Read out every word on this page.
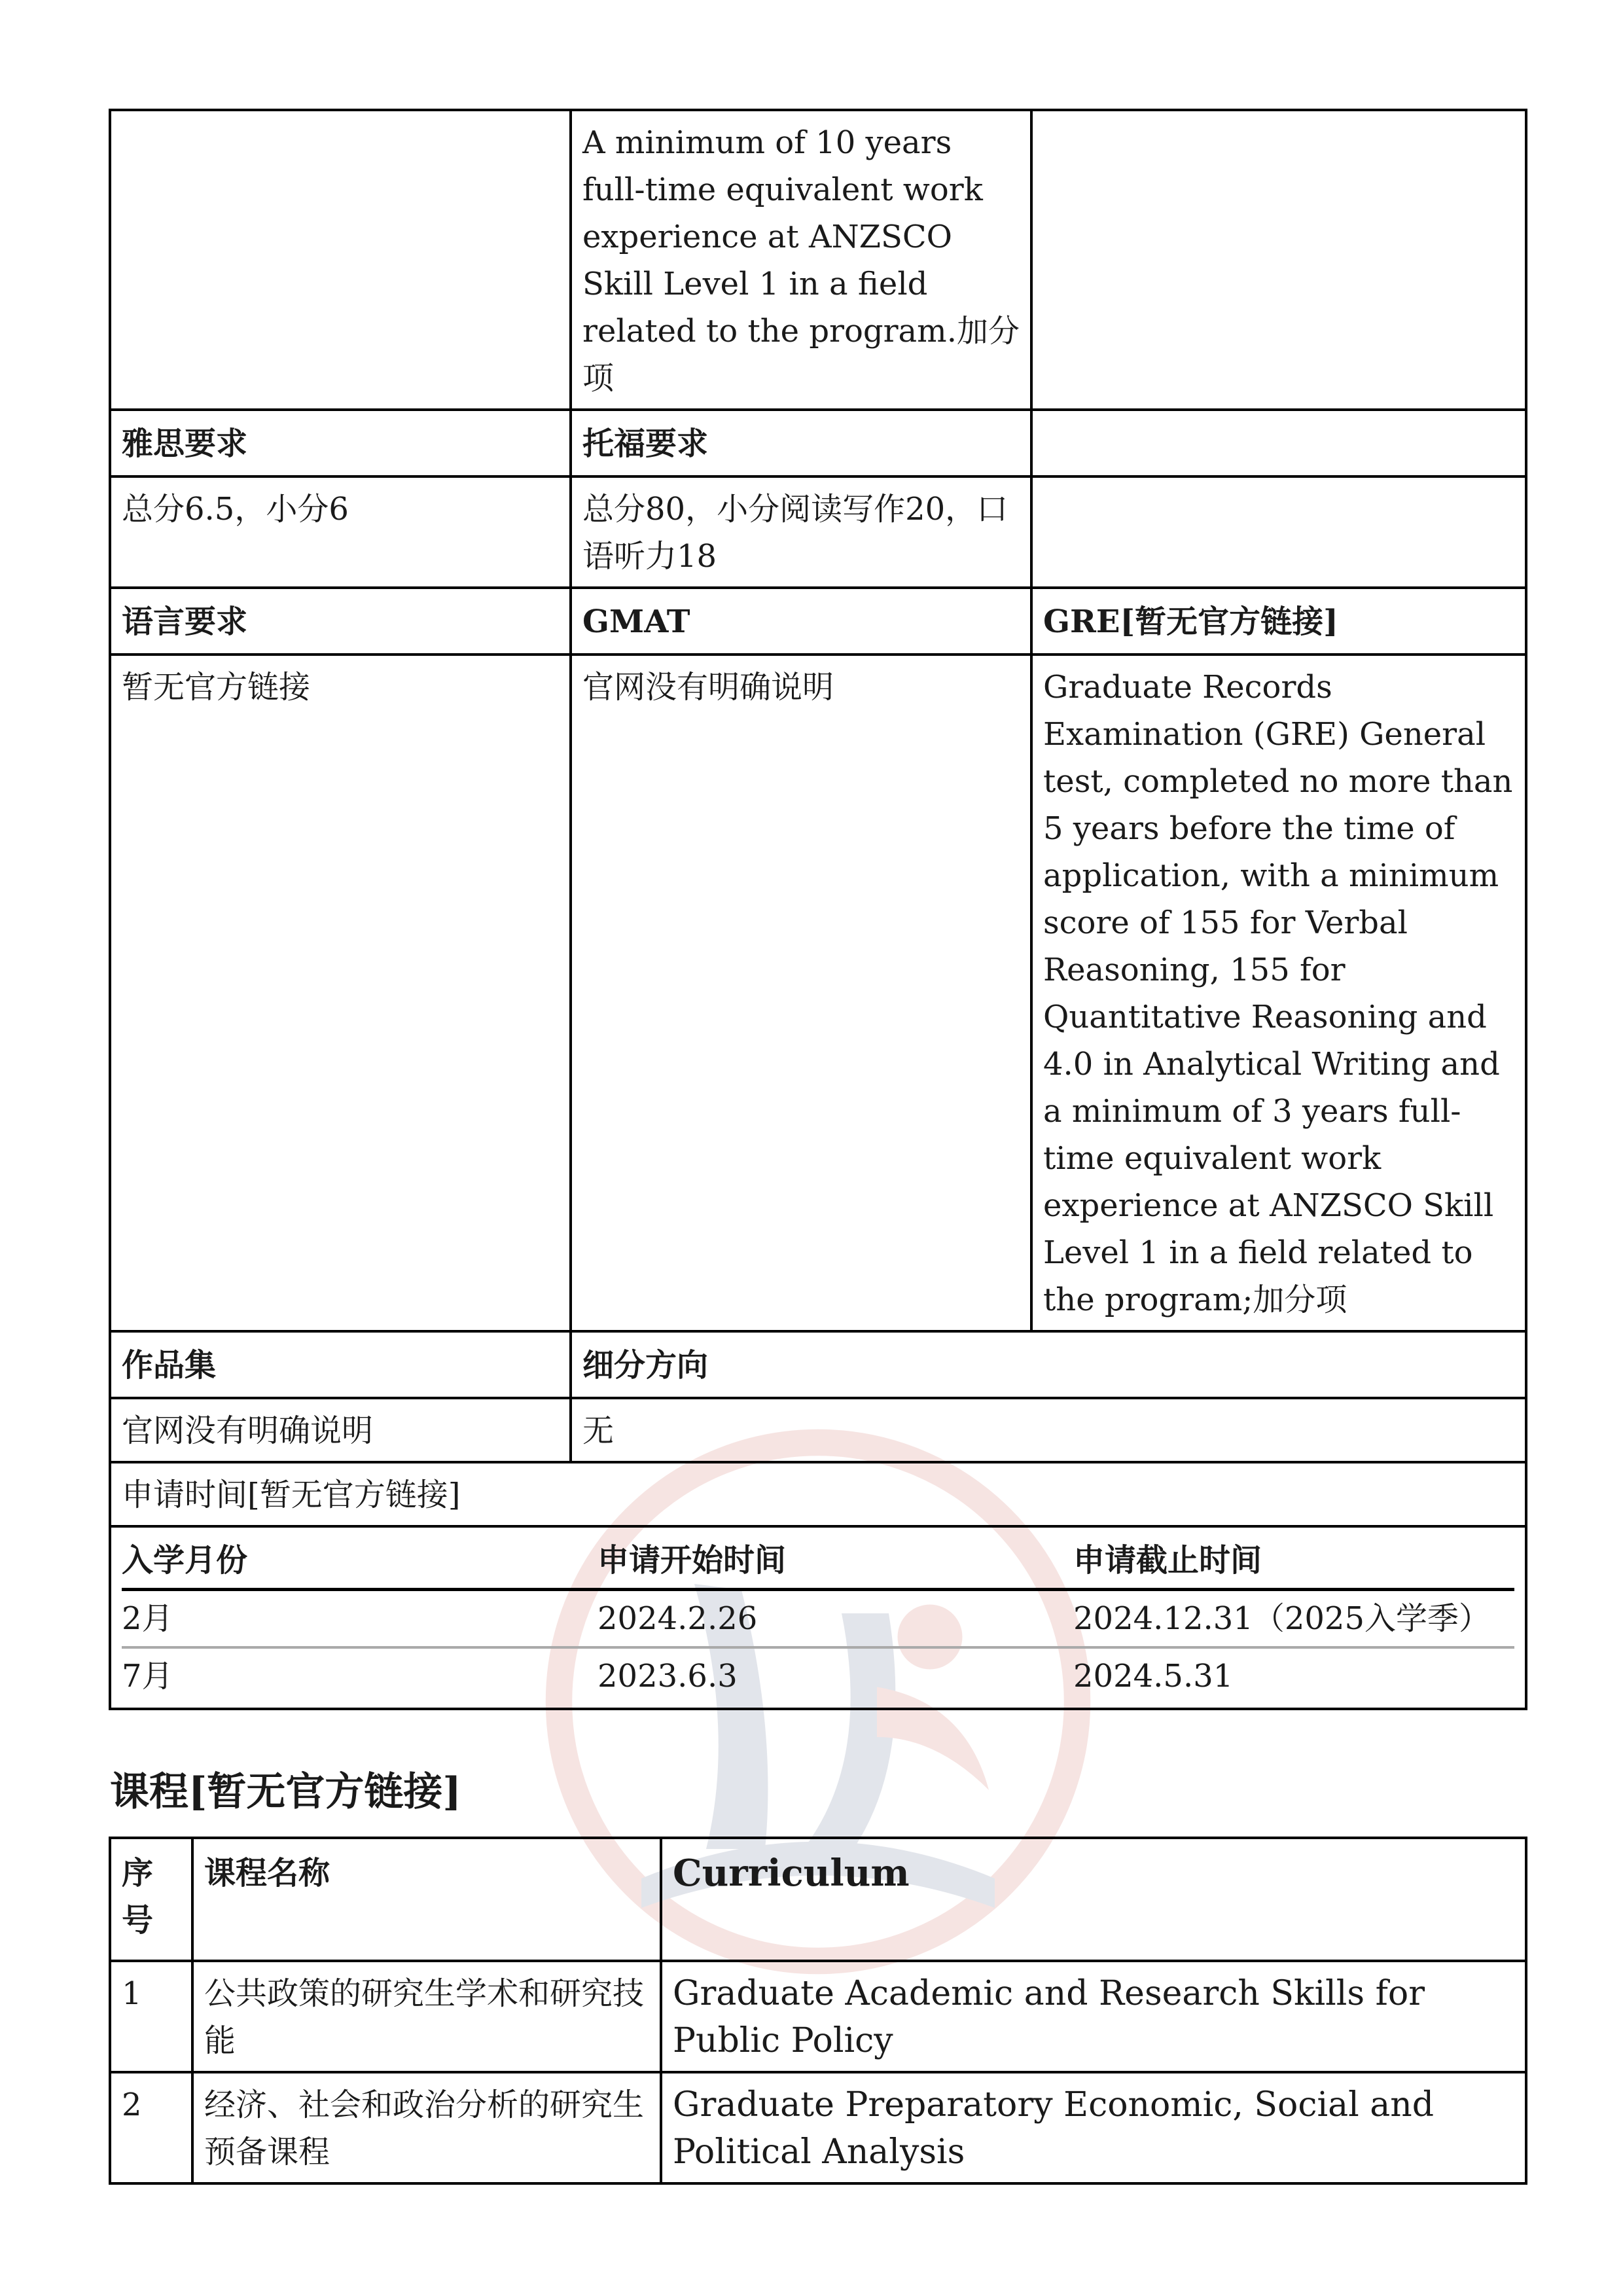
	A minimum of 10 years full-time equivalent work experience at ANZSCO Skill Level 1 in a field related to the program.加分项	
雅思要求	托福要求	
总分6.5，小分6	总分80，小分阅读写作20，口语听力18	
语言要求	GMAT	GRE[暂无官方链接]
暂无官方链接	官网没有明确说明	Graduate Records Examination (GRE) General test, completed no more than 5 years before the time of application, with a minimum score of 155 for Verbal Reasoning, 155 for Quantitative Reasoning and 4.0 in Analytical Writing and a minimum of 3 years full-time equivalent work experience at ANZSCO Skill Level 1 in a field related to the program;加分项
作品集	细分方向
官网没有明确说明	无
申请时间[暂无官方链接]

入学月份	申请开始时间	申请截止时间
2月	2024.2.26	2024.12.31（2025入学季）
7月	2023.6.3	2024.5.31
课程[暂无官方链接]
序号	课程名称	Curriculum
1	公共政策的研究生学术和研究技能	Graduate Academic and Research Skills for Public Policy
2	经济、社会和政治分析的研究生预备课程	Graduate Preparatory Economic, Social and Political Analysis
